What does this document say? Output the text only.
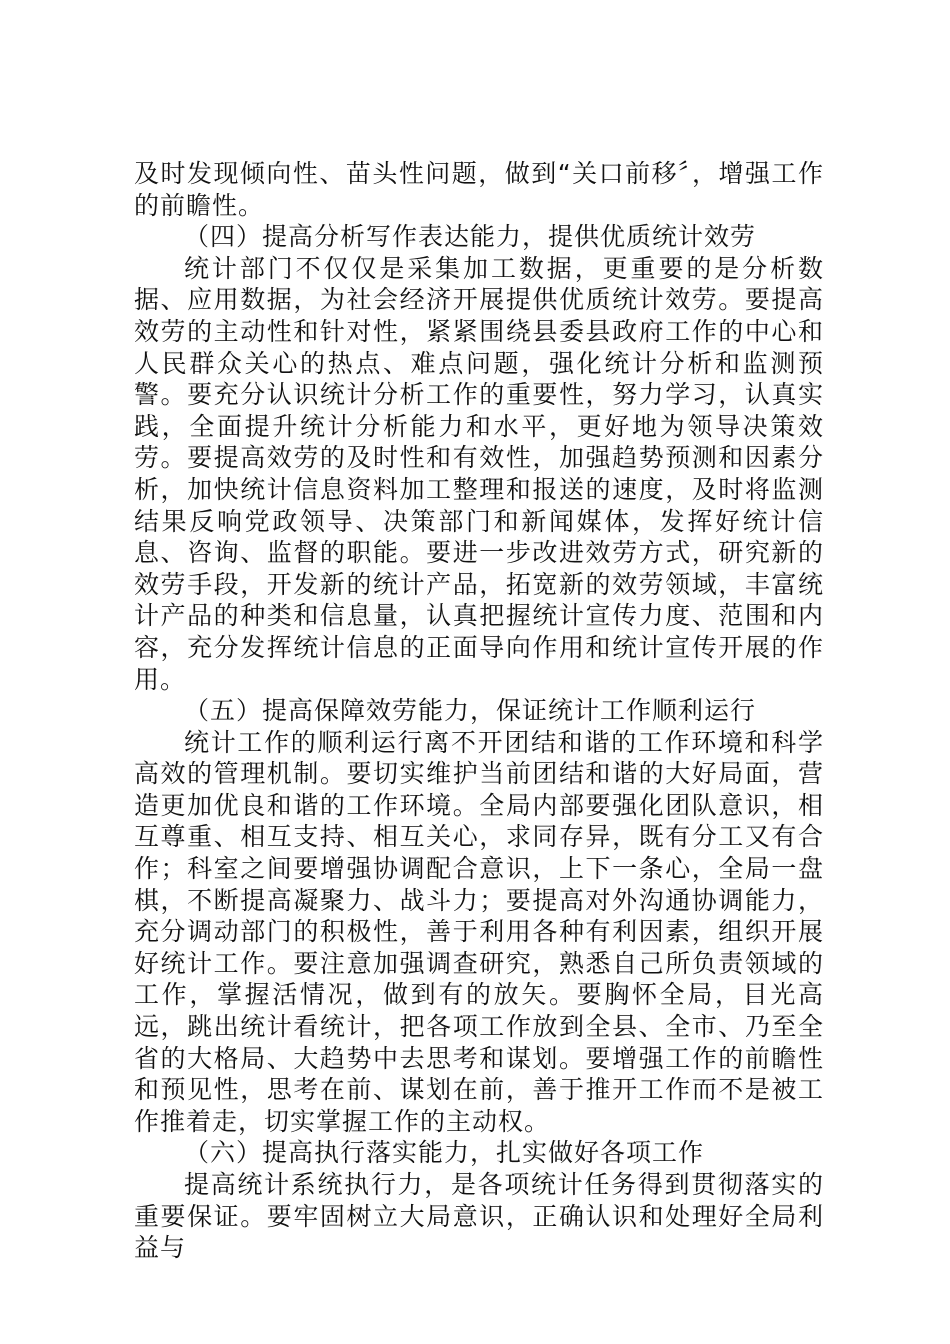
及时发现倾向性、苗头性问题，做到“关口前移〞，增强工作的前瞻性。

（四）提高分析写作表达能力，提供优质统计效劳

统计部门不仅仅是采集加工数据，更重要的是分析数据、应用数据，为社会经济开展提供优质统计效劳。要提高效劳的主动性和针对性，紧紧围绕县委县政府工作的中心和人民群众关心的热点、难点问题，强化统计分析和监测预警。要充分认识统计分析工作的重要性，努力学习，认真实践，全面提升统计分析能力和水平，更好地为领导决策效劳。要提高效劳的及时性和有效性，加强趋势预测和因素分析，加快统计信息资料加工整理和报送的速度，及时将监测结果反响党政领导、决策部门和新闻媒体，发挥好统计信息、咨询、监督的职能。要进一步改进效劳方式，研究新的效劳手段，开发新的统计产品，拓宽新的效劳领域，丰富统计产品的种类和信息量，认真把握统计宣传力度、范围和内容，充分发挥统计信息的正面导向作用和统计宣传开展的作用。

（五）提高保障效劳能力，保证统计工作顺利运行

统计工作的顺利运行离不开团结和谐的工作环境和科学高效的管理机制。要切实维护当前团结和谐的大好局面，营造更加优良和谐的工作环境。全局内部要强化团队意识，相互尊重、相互支持、相互关心，求同存异，既有分工又有合作；科室之间要增强协调配合意识，上下一条心，全局一盘棋，不断提高凝聚力、战斗力；要提高对外沟通协调能力，充分调动部门的积极性，善于利用各种有利因素，组织开展好统计工作。要注意加强调查研究，熟悉自己所负责领域的工作，掌握活情况，做到有的放矢。要胸怀全局，目光高远，跳出统计看统计，把各项工作放到全县、全市、乃至全省的大格局、大趋势中去思考和谋划。要增强工作的前瞻性和预见性，思考在前、谋划在前，善于推开工作而不是被工作推着走，切实掌握工作的主动权。

（六）提高执行落实能力，扎实做好各项工作

提高统计系统执行力，是各项统计任务得到贯彻落实的重要保证。要牢固树立大局意识，正确认识和处理好全局利益与
